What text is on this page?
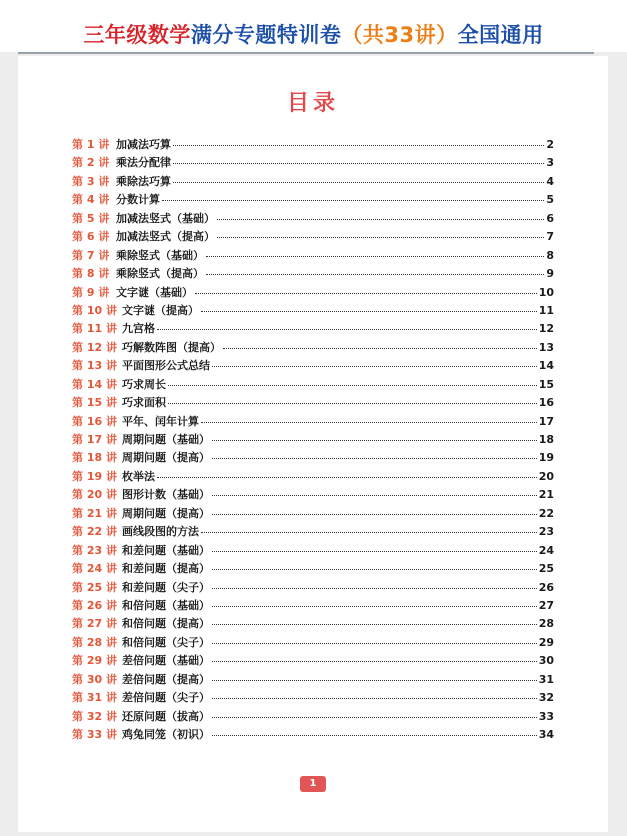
三年级数学满分专题特训卷（共33讲）全国通用
目录
第 1 讲 加减法巧算	2
第 2 讲 乘法分配律	3
第 3 讲 乘除法巧算	4
第 4 讲 分数计算	5
第 5 讲 加减法竖式（基础）	6
第 6 讲 加减法竖式（提高）	7
第 7 讲 乘除竖式（基础）	8
第 8 讲 乘除竖式（提高）	9
第 9 讲 文字谜（基础）	10
第 10 讲 文字谜（提高）	11
第 11 讲 九宫格	12
第 12 讲 巧解数阵图（提高）	13
第 13 讲 平面图形公式总结	14
第 14 讲 巧求周长	15
第 15 讲 巧求面积	16
第 16 讲 平年、闰年计算	17
第 17 讲 周期问题（基础）	18
第 18 讲 周期问题（提高）	19
第 19 讲 枚举法	20
第 20 讲 图形计数（基础）	21
第 21 讲 周期问题（提高）	22
第 22 讲 画线段图的方法	23
第 23 讲 和差问题（基础）	24
第 24 讲 和差问题（提高）	25
第 25 讲 和差问题（尖子）	26
第 26 讲 和倍问题（基础）	27
第 27 讲 和倍问题（提高）	28
第 28 讲 和倍问题（尖子）	29
第 29 讲 差倍问题（基础）	30
第 30 讲 差倍问题（提高）	31
第 31 讲 差倍问题（尖子）	32
第 32 讲 还原问题（拔高）	33
第 33 讲 鸡兔同笼（初识）	34
1
